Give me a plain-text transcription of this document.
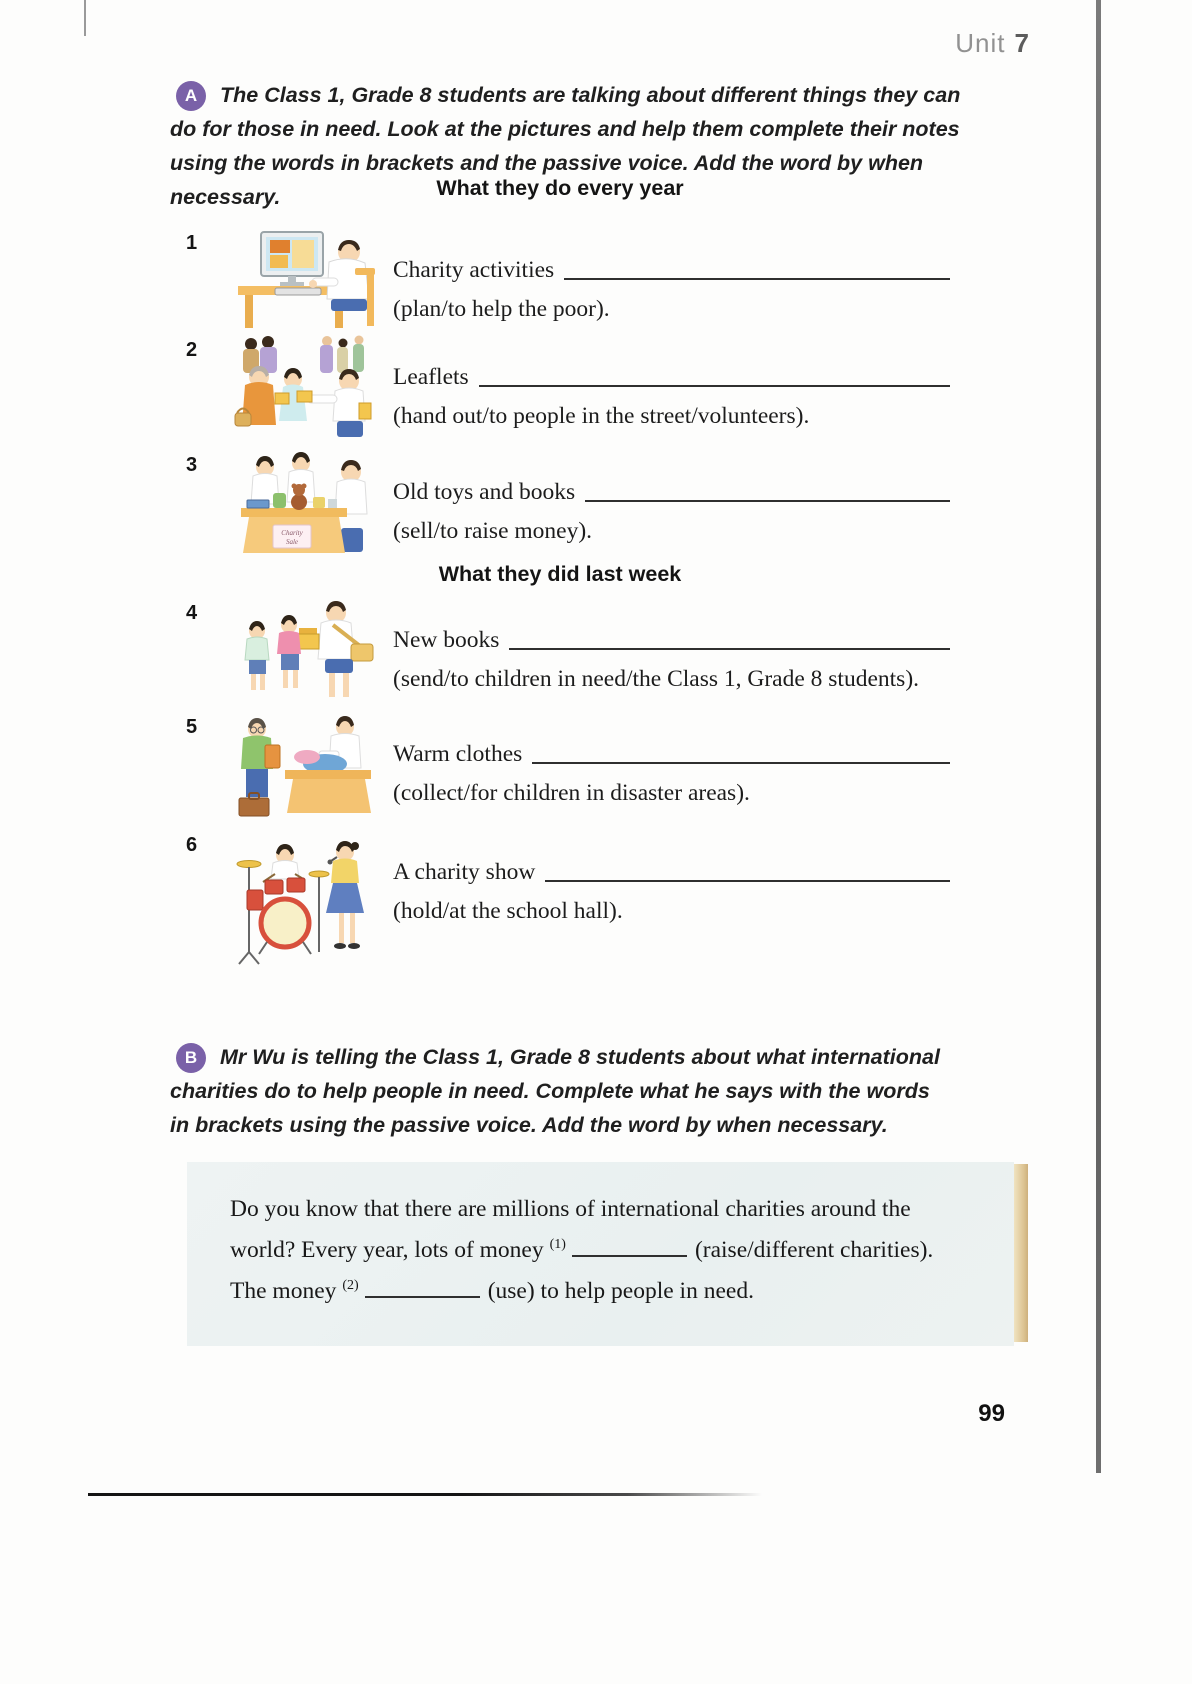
Unit 7
A	The Class 1, Grade 8 students are talking about different things they can do for those in need. Look at the pictures and help them complete their notes using the words in brackets and the passive voice. Add the word by when necessary.	What they do every year
1
Charity activities
(plan/to help the poor).
2
Leaflets
(hand out/to people in the street/volunteers).
3
Charity
Sale
Old toys and books
(sell/to raise money).
What they did last week
4
New books
(send/to children in need/the Class 1, Grade 8 students).
5
Warm clothes
(collect/for children in disaster areas).
6
A charity show
(hold/at the school hall).
B	Mr Wu is telling the Class 1, Grade 8 students about what international charities do to help people in need. Complete what he says with the words in brackets using the passive voice. Add the word by when necessary.
Do you know that there are millions of international charities around the world? Every year, lots of money $^{(1)}$	(raise/different charities). The money $^{(2)}$	(use) to help people in need.
99
